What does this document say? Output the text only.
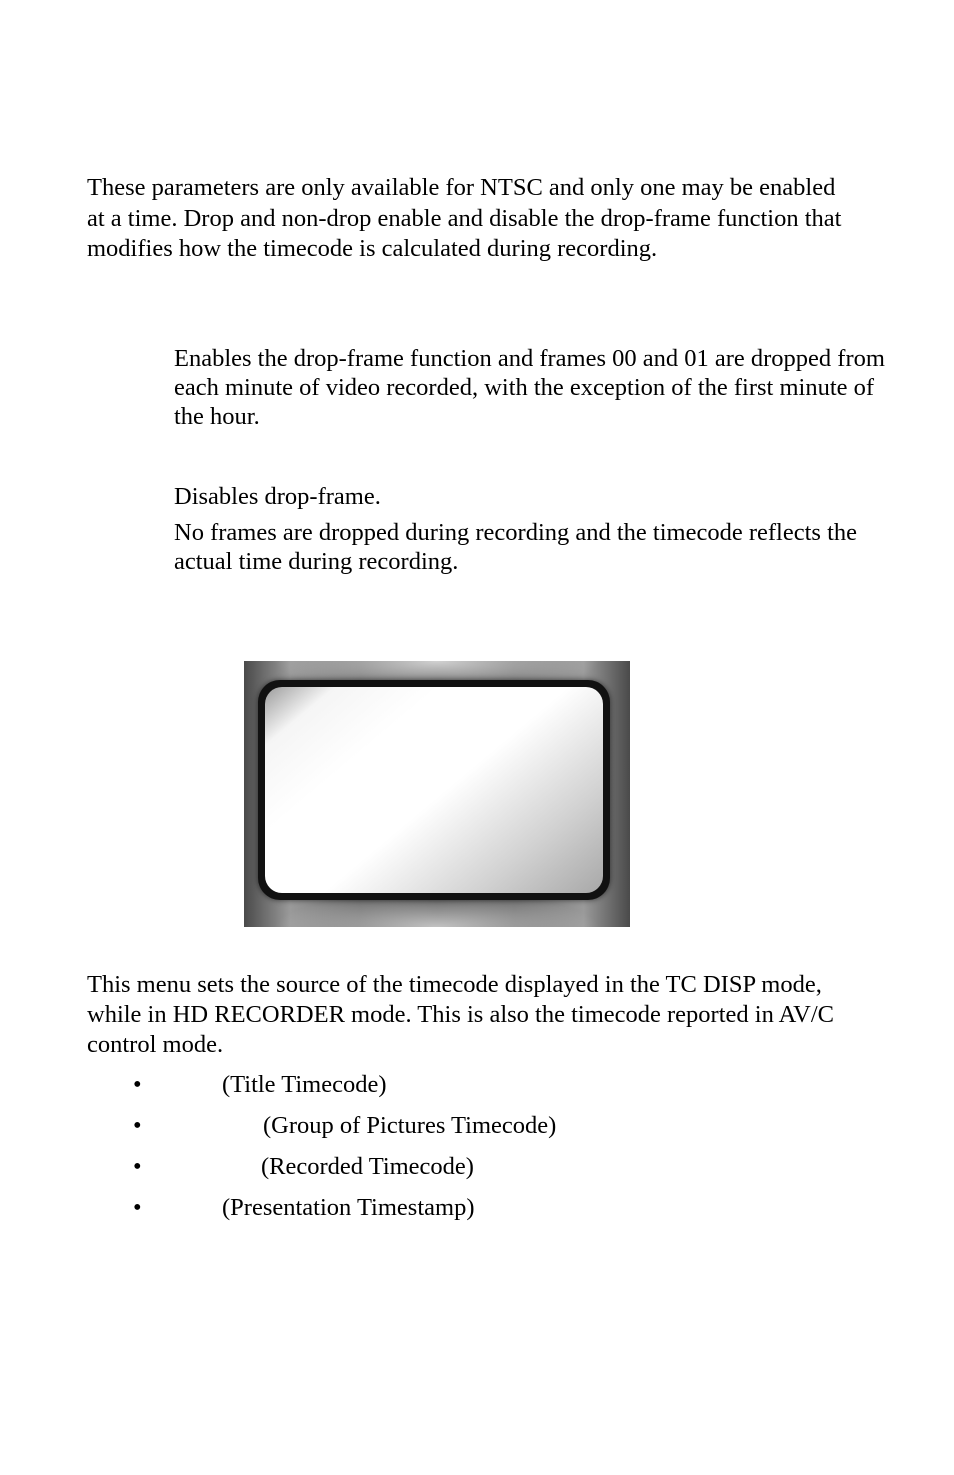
These parameters are only available for NTSC and only one may be enabled at a time. Drop and non-drop enable and disable the drop-frame function that modifies how the timecode is calculated during recording.

Enables the drop-frame function and frames 00 and 01 are dropped from each minute of video recorded, with the exception of the first minute of the hour.

Disables drop-frame.

No frames are dropped during recording and the timecode reflects the actual time during recording.

This menu sets the source of the timecode displayed in the TC DISP mode, while in HD RECORDER mode. This is also the timecode reported in AV/C control mode.

•	(Title Timecode)
•	(Group of Pictures Timecode)
•	(Recorded Timecode)
•	(Presentation Timestamp)
